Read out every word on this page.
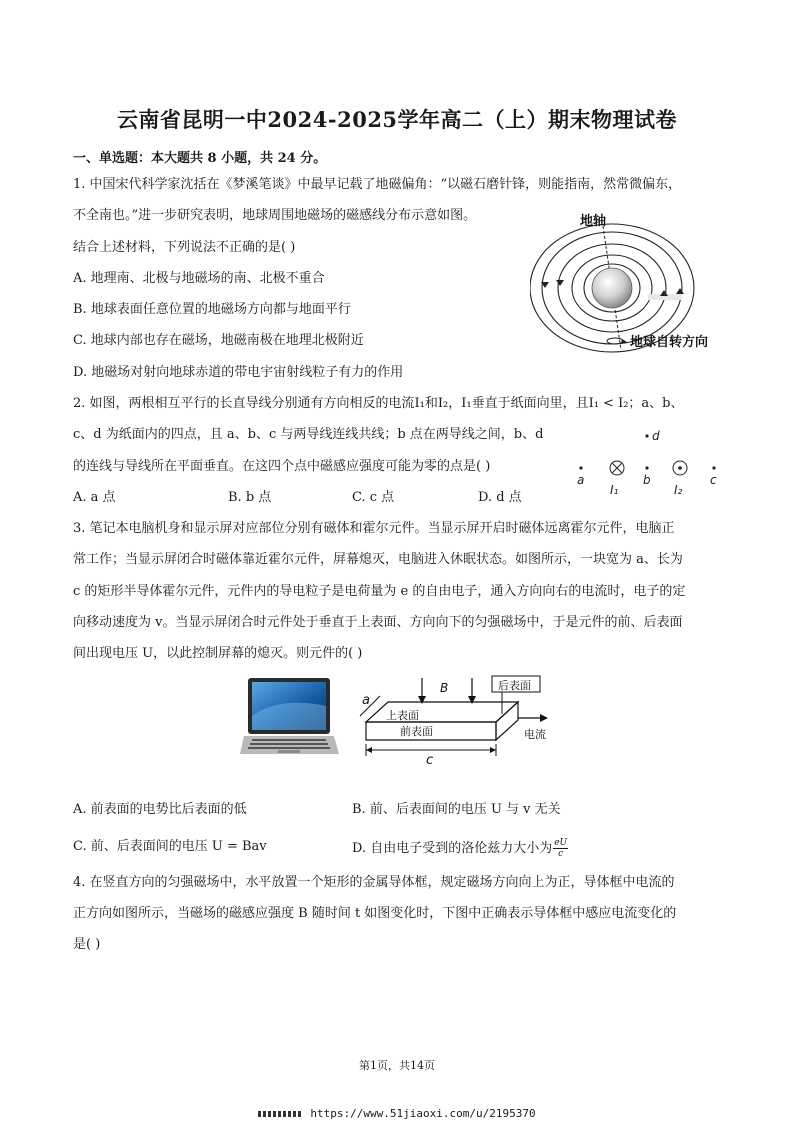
云南省昆明一中2024-2025学年高二（上）期末物理试卷
一、单选题：本大题共 8 小题，共 24 分。
1. 中国宋代科学家沈括在《梦溪笔谈》中最早记载了地磁偏角：“以磁石磨针锋，则能指南，然常微偏东，
不全南也。”进一步研究表明，地球周围地磁场的磁感线分布示意如图。
结合上述材料，下列说法不正确的是( )
A. 地理南、北极与地磁场的南、北极不重合
B. 地球表面任意位置的地磁场方向都与地面平行
C. 地球内部也存在磁场，地磁南极在地理北极附近
D. 地磁场对射向地球赤道的带电宇宙射线粒子有力的作用
地轴
地球自转方向
2. 如图，两根相互平行的长直导线分别通有方向相反的电流I₁和I₂，I₁垂直于纸面向里，且I₁ < I₂；a、b、
c、d 为纸面内的四点，且 a、b、c 与两导线连线共线；b 点在两导线之间，b、d
的连线与导线所在平面垂直。在这四个点中磁感应强度可能为零的点是( )
A. a 点	B. b 点	C. c 点	D. d 点
d
a
I₁
b
I₂
c
3. 笔记本电脑机身和显示屏对应部位分别有磁体和霍尔元件。当显示屏开启时磁体远离霍尔元件，电脑正
常工作；当显示屏闭合时磁体靠近霍尔元件，屏幕熄灭，电脑进入休眠状态。如图所示，一块宽为 a、长为
c 的矩形半导体霍尔元件，元件内的导电粒子是电荷量为 e 的自由电子，通入方向向右的电流时，电子的定
向移动速度为 v。当显示屏闭合时元件处于垂直于上表面、方向向下的匀强磁场中，于是元件的前、后表面
间出现电压 U，以此控制屏幕的熄灭。则元件的( )
B
a
后表面
上表面
前表面
c
电流
A. 前表面的电势比后表面的低	B. 前、后表面间的电压 U 与 v 无关
C. 前、后表面间的电压 U = Bav	D. 自由电子受到的洛伦兹力大小为 $\frac{eU}{c}$
4. 在竖直方向的匀强磁场中，水平放置一个矩形的金属导体框，规定磁场方向向上为正，导体框中电流的
正方向如图所示，当磁场的磁感应强度 B 随时间 t 如图变化时，下图中正确表示导体框中感应电流变化的
是( )
第1页，共14页
https://www.51jiaoxi.com/u/2195370
